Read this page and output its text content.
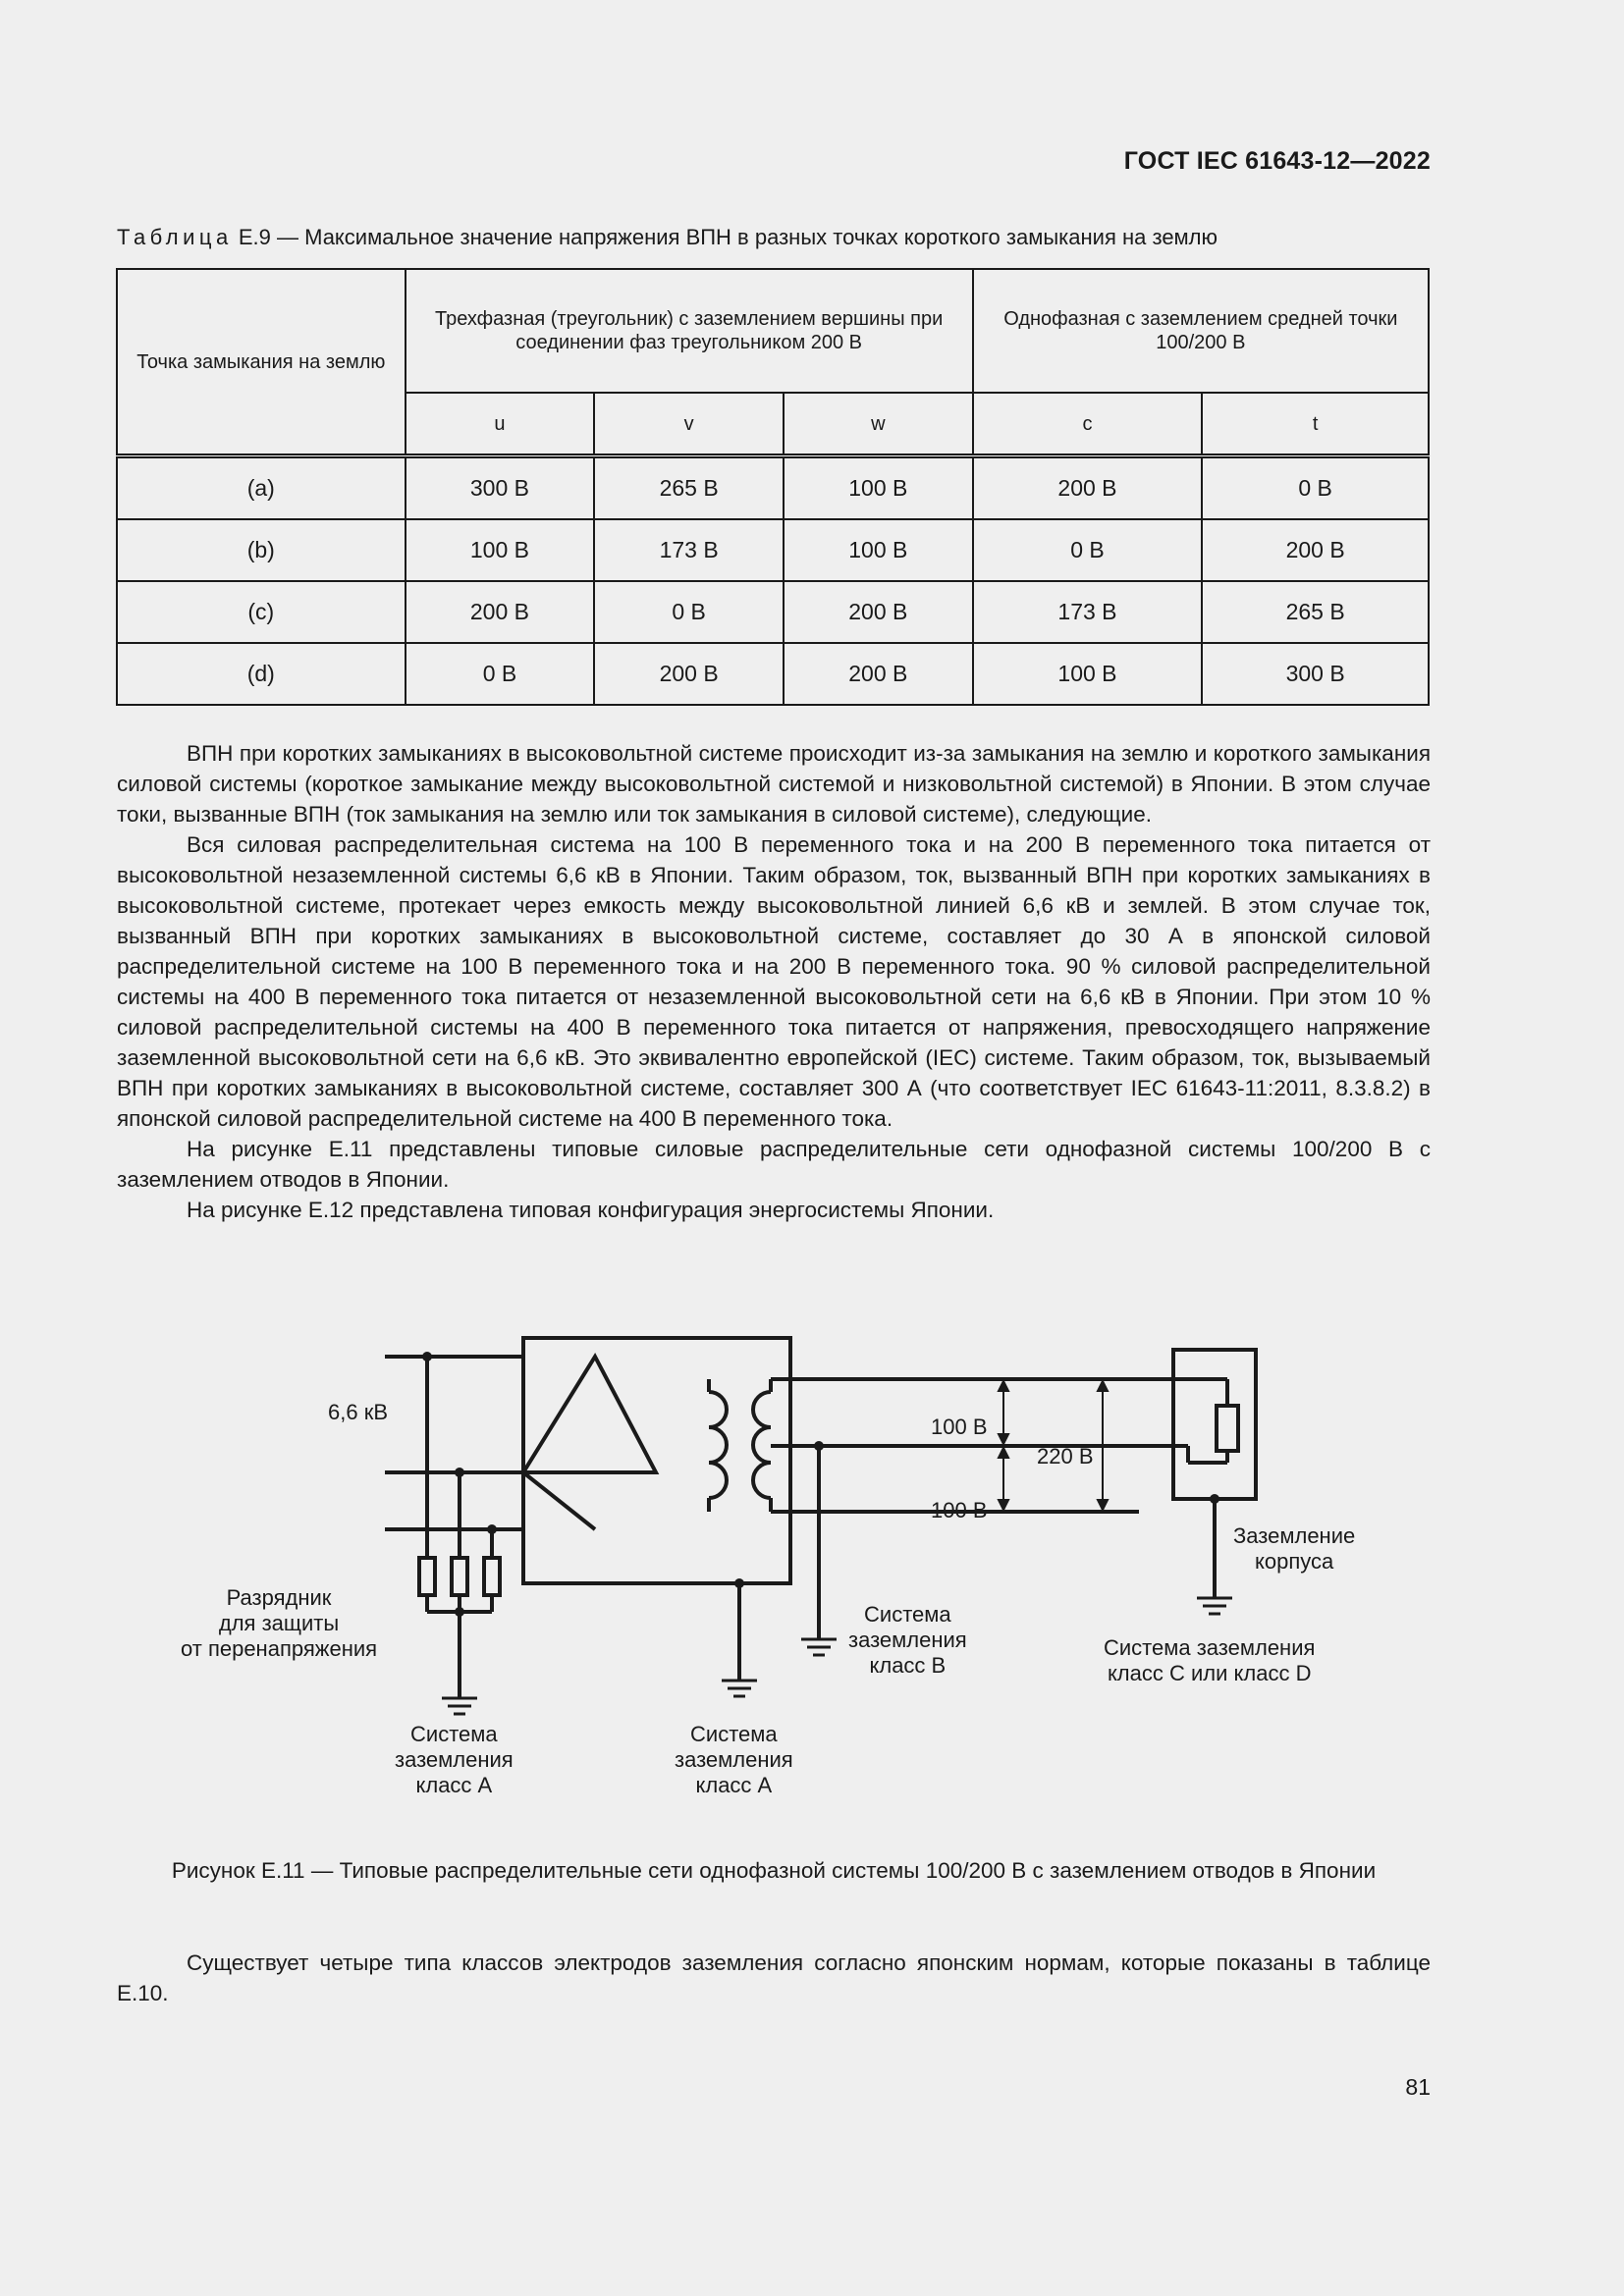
ГОСТ IEC 61643-12—2022
Таблица Е.9 — Максимальное значение напряжения ВПН в разных точках короткого замыкания на землю
Точка замыкания на землю	Трехфазная (треугольник) с заземлением вершины при соединении фаз треугольником 200 В			Однофазная с заземлением средней точки 100/200 В	
	u	v	w	c	t
(a)	300 В	265 В	100 В	200 В	0 В
(b)	100 В	173 В	100 В	0 В	200 В
(c)	200 В	0 В	200 В	173 В	265 В
(d)	0 В	200 В	200 В	100 В	300 В

ВПН при коротких замыканиях в высоковольтной системе происходит из-за замыкания на землю и короткого замыкания силовой системы (короткое замыкание между высоковольтной системой и низковольтной системой) в Японии. В этом случае токи, вызванные ВПН (ток замыкания на землю или ток замыкания в силовой системе), следующие.

Вся силовая распределительная система на 100 В переменного тока и на 200 В переменного тока питается от высоковольтной незаземленной системы 6,6 кВ в Японии. Таким образом, ток, вызванный ВПН при коротких замыканиях в высоковольтной системе, протекает через емкость между высоковольтной линией 6,6 кВ и землей. В этом случае ток, вызванный ВПН при коротких замыканиях в высоковольтной системе, составляет до 30 А в японской силовой распределительной системе на 100 В переменного тока и на 200 В переменного тока. 90 % силовой распределительной системы на 400 В переменного тока питается от незаземленной высоковольтной сети на 6,6 кВ в Японии. При этом 10 % силовой распределительной системы на 400 В переменного тока питается от напряжения, превосходящего напряжение заземленной высоковольтной сети на 6,6 кВ. Это эквивалентно европейской (IEC) системе. Таким образом, ток, вызываемый ВПН при коротких замыканиях в высоковольтной системе, составляет 300 А (что соответствует IEC 61643-11:2011, 8.3.8.2) в японской силовой распределительной системе на 400 В переменного тока.

На рисунке Е.11 представлены типовые силовые распределительные сети однофазной системы 100/200 В с заземлением отводов в Японии.

На рисунке Е.12 представлена типовая конфигурация энергосистемы Японии.

6,6 кВ
100 В
100 В
220 В
Разрядник
для защиты
от перенапряжения
Система
заземления
класс А
Система
заземления
класс А
Система
заземления
класс В
Заземление
корпуса
Система заземления
класс С или класс D
Рисунок Е.11 — Типовые распределительные сети однофазной системы 100/200 В с заземлением отводов в Японии

Существует четыре типа классов электродов заземления согласно японским нормам, которые показаны в таблице Е.10.

81
